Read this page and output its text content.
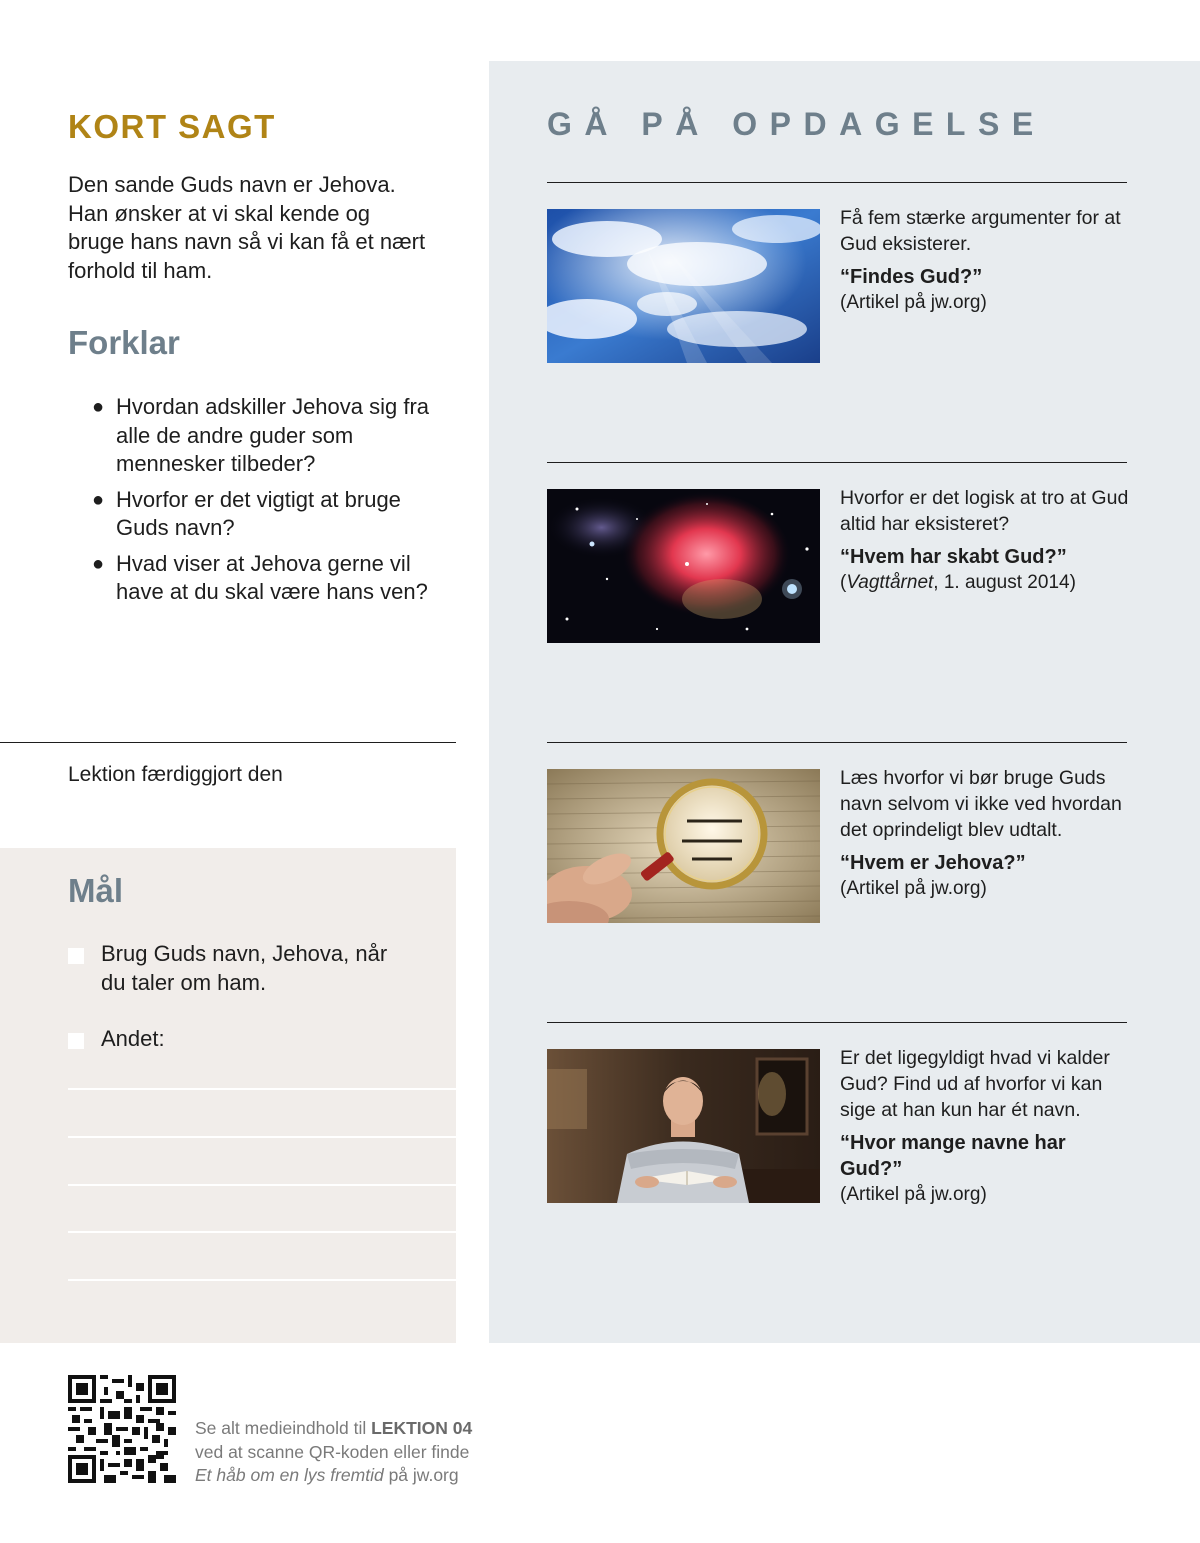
KORT SAGT

Den sande Guds navn er Jehova. Han ønsker at vi skal kende og bruge hans navn så vi kan få et nært forhold til ham.

Forklar
● Hvordan adskiller Jehova sig fra alle de andre guder som mennesker tilbeder?
● Hvorfor er det vigtigt at bruge Guds navn?
● Hvad viser at Jehova gerne vil have at du skal være hans ven?
Lektion færdiggjort den
Mål
Brug Guds navn, Jehova, når du taler om ham.
Andet:
GÅ PÅ OPDAGELSE
Få fem stærke argumenter for at Gud eksisterer.
“Findes Gud?”
(Artikel på jw.org)
Hvorfor er det logisk at tro at Gud altid har eksisteret?
“Hvem har skabt Gud?”
(Vagttårnet, 1. august 2014)
Læs hvorfor vi bør bruge Guds navn selvom vi ikke ved hvordan det oprindeligt blev udtalt.
“Hvem er Jehova?”
(Artikel på jw.org)
Er det ligegyldigt hvad vi kalder Gud? Find ud af hvorfor vi kan sige at han kun har ét navn.
“Hvor mange navne har Gud?”
(Artikel på jw.org)
Se alt medieindhold til LEKTION 04
ved at scanne QR-koden eller finde
Et håb om en lys fremtid på jw.org
